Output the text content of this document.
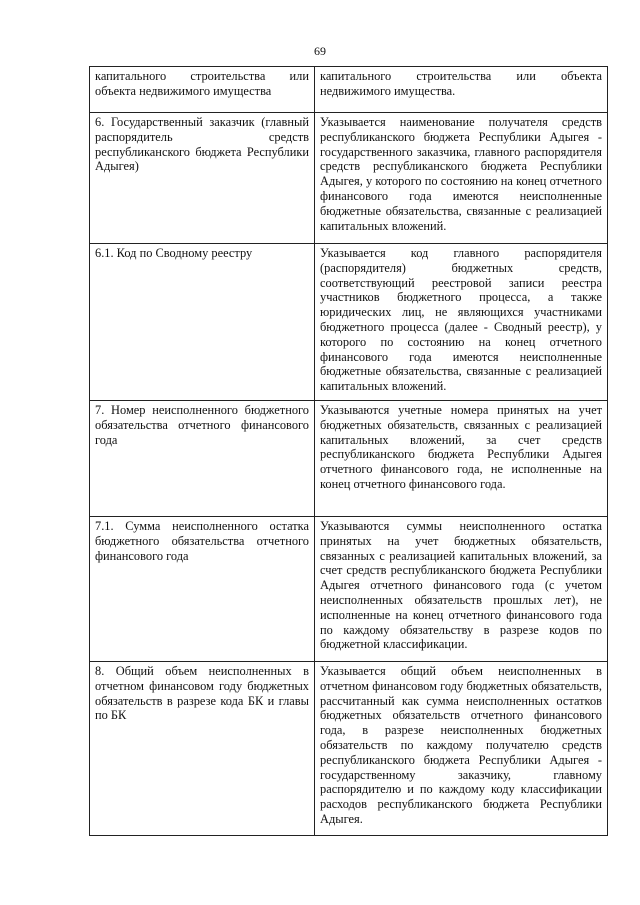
69
капитального строительства или объекта недвижимого имущества	капитального строительства или объекта недвижимого имущества.
6. Государственный заказчик (главный распорядитель средств республиканского бюджета Республики Адыгея)	Указывается наименование получателя средств республиканского бюджета Республики Адыгея - государственного заказчика, главного распорядителя средств республиканского бюджета Республики Адыгея, у которого по состоянию на конец отчетного финансового года имеются неисполненные бюджетные обязательства, связанные с реализацией капитальных вложений.
6.1. Код по Сводному реестру	Указывается код главного распорядителя (распорядителя) бюджетных средств, соответствующий реестровой записи реестра участников бюджетного процесса, а также юридических лиц, не являющихся участниками бюджетного процесса (далее - Сводный реестр), у которого по состоянию на конец отчетного финансового года имеются неисполненные бюджетные обязательства, связанные с реализацией капитальных вложений.
7. Номер неисполненного бюджетного обязательства отчетного финансового года	Указываются учетные номера принятых на учет бюджетных обязательств, связанных с реализацией капитальных вложений, за счет средств республиканского бюджета Республики Адыгея отчетного финансового года, не исполненные на конец отчетного финансового года.
7.1. Сумма неисполненного остатка бюджетного обязательства отчетного финансового года	Указываются суммы неисполненного остатка принятых на учет бюджетных обязательств, связанных с реализацией капитальных вложений, за счет средств республиканского бюджета Республики Адыгея отчетного финансового года (с учетом неисполненных обязательств прошлых лет), не исполненные на конец отчетного финансового года по каждому обязательству в разрезе кодов по бюджетной классификации.
8. Общий объем неисполненных в отчетном финансовом году бюджетных обязательств в разрезе кода БК и главы по БК	Указывается общий объем неисполненных в отчетном финансовом году бюджетных обязательств, рассчитанный как сумма неисполненных остатков бюджетных обязательств отчетного финансового года, в разрезе неисполненных бюджетных обязательств по каждому получателю средств республиканского бюджета Республики Адыгея - государственному заказчику, главному распорядителю и по каждому коду классификации расходов республиканского бюджета Республики Адыгея.
